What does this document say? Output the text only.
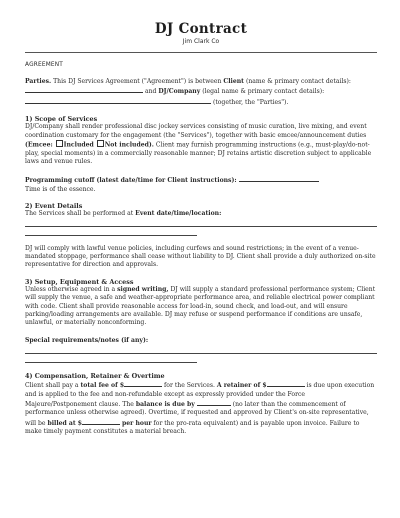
DJ Contract
Jim Clark Co
AGREEMENT

Parties. This DJ Services Agreement ("Agreement") is between Client (name & primary contact details):  and DJ/Company (legal name & primary contact details):  (together, the "Parties").

1) Scope of Services

DJ/Company shall render professional disc jockey services consisting of music curation, live mixing, and event coordination customary for the engagement (the "Services"), together with basic emcee/announcement duties (Emcee: Included Not included). Client may furnish programming instructions (e.g., must-play/do-not-play, special moments) in a commercially reasonable manner; DJ retains artistic discretion subject to applicable laws and venue rules.

Programming cutoff (latest date/time for Client instructions):
Time is of the essence.

2) Event Details

The Services shall be performed at Event date/time/location:

DJ will comply with lawful venue policies, including curfews and sound restrictions; in the event of a venue-mandated stoppage, performance shall cease without liability to DJ. Client shall provide a duly authorized on-site representative for direction and approvals.

3) Setup, Equipment & Access

Unless otherwise agreed in a signed writing, DJ will supply a standard professional performance system; Client will supply the venue, a safe and weather-appropriate performance area, and reliable electrical power compliant with code. Client shall provide reasonable access for load-in, sound check, and load-out, and will ensure parking/loading arrangements are available. DJ may refuse or suspend performance if conditions are unsafe, unlawful, or materially nonconforming.

Special requirements/notes (if any):

4) Compensation, Retainer & Overtime

Client shall pay a total fee of $	for the Services. A retainer of $	is due upon execution and is applied to the fee and non-refundable except as expressly provided under the Force Majeure/Postponement clause. The balance is due by	(no later than the commencement of performance unless otherwise agreed). Overtime, if requested and approved by Client's on-site representative, will be billed at $	per hour for the pro-rata equivalent) and is payable upon invoice. Failure to make timely payment constitutes a material breach.
